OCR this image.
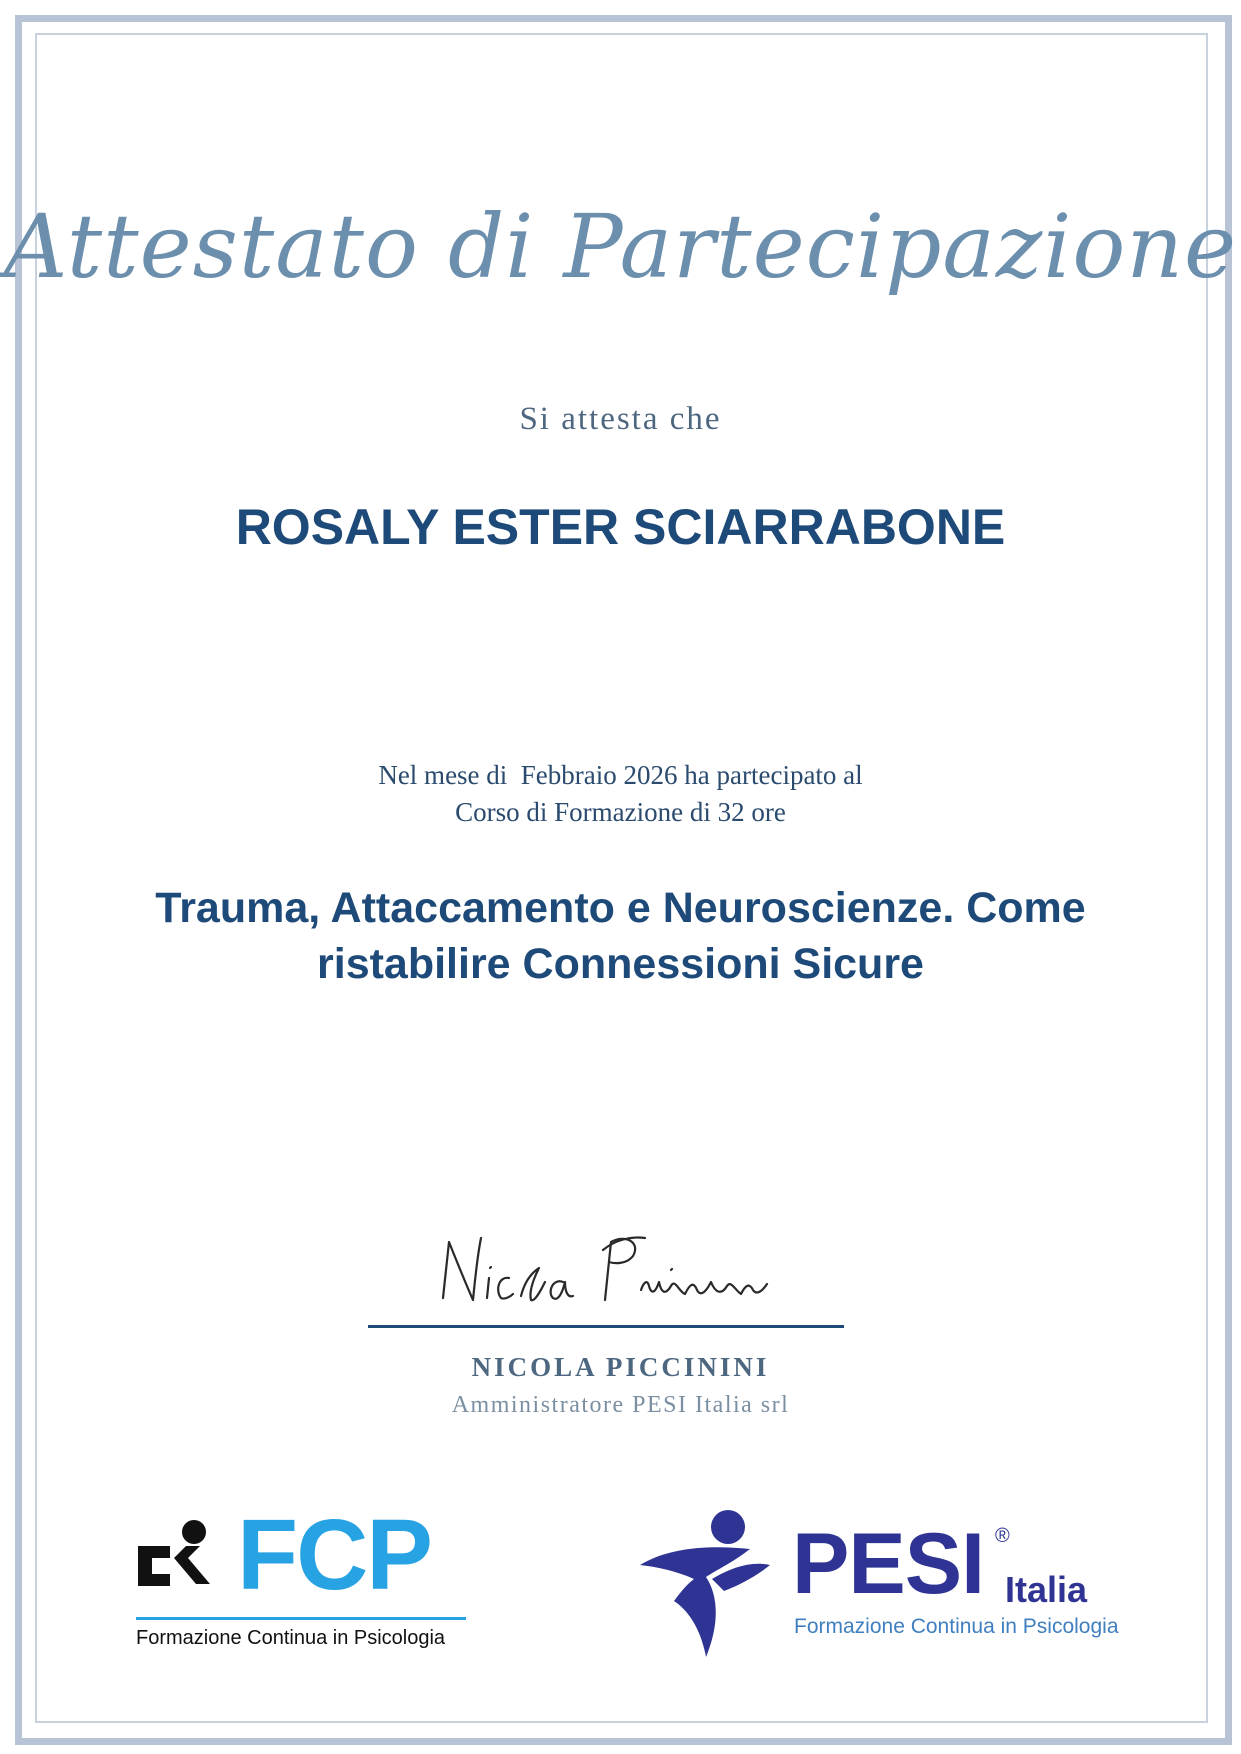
Attestato di Partecipazione
Si attesta che
ROSALY ESTER SCIARRABONE
Nel mese di  Febbraio 2026 ha partecipato al
Corso di Formazione di 32 ore
Trauma, Attaccamento e Neuroscienze. Come ristabilire Connessioni Sicure
NICOLA PICCININI
Amministratore PESI Italia srl
FCP
Formazione Continua in Psicologia
PESI ®
Italia
Formazione Continua in Psicologia
